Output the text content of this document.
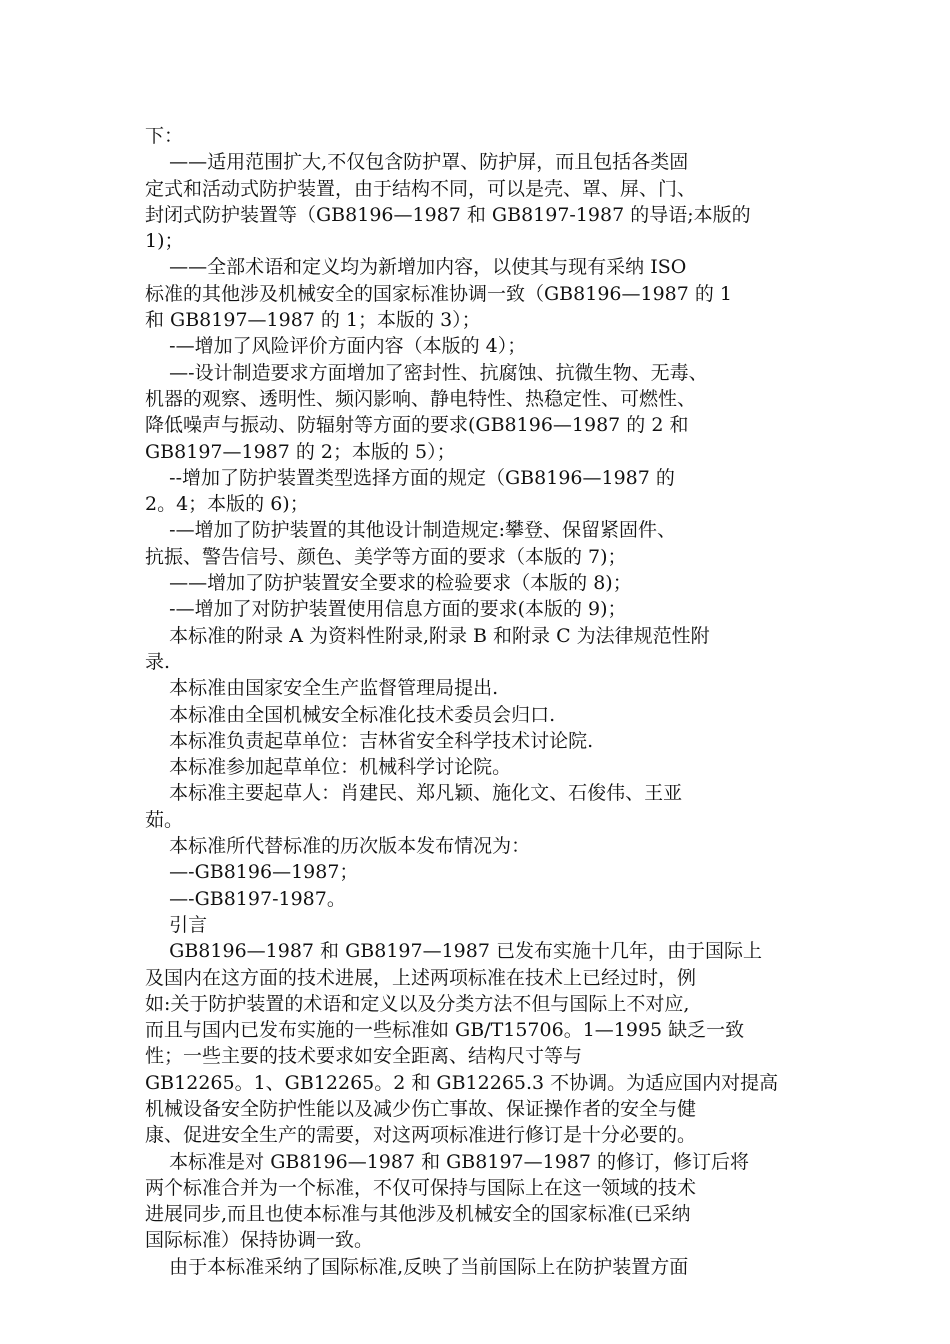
下：
——适用范围扩大,不仅包含防护罩、防护屏，而且包括各类固
定式和活动式防护装置，由于结构不同，可以是壳、罩、屏、门、
封闭式防护装置等（GB8196—1987 和 GB8197-1987 的导语;本版的
1)；
——全部术语和定义均为新增加内容，以使其与现有采纳 ISO
标准的其他涉及机械安全的国家标准协调一致（GB8196—1987 的 1
和 GB8197—1987 的 1；本版的 3）；
-—增加了风险评价方面内容（本版的 4）；
—-设计制造要求方面增加了密封性、抗腐蚀、抗微生物、无毒、
机器的观察、透明性、频闪影响、静电特性、热稳定性、可燃性、
降低噪声与振动、防辐射等方面的要求(GB8196—1987 的 2 和
GB8197—1987 的 2；本版的 5）；
--增加了防护装置类型选择方面的规定（GB8196—1987 的
2。4；本版的 6)；
-—增加了防护装置的其他设计制造规定:攀登、保留紧固件、
抗振、警告信号、颜色、美学等方面的要求（本版的 7)；
——增加了防护装置安全要求的检验要求（本版的 8)；
-—增加了对防护装置使用信息方面的要求(本版的 9)；
本标准的附录 A 为资料性附录,附录 B 和附录 C 为法律规范性附
录.
本标准由国家安全生产监督管理局提出.
本标准由全国机械安全标准化技术委员会归口.
本标准负责起草单位：吉林省安全科学技术讨论院.
本标准参加起草单位：机械科学讨论院。
本标准主要起草人：肖建民、郑凡颖、施化文、石俊伟、王亚
茹。
本标准所代替标准的历次版本发布情况为：
—-GB8196—1987；
—-GB8197-1987。
引言
GB8196—1987 和 GB8197—1987 已发布实施十几年，由于国际上
及国内在这方面的技术进展，上述两项标准在技术上已经过时，例
如:关于防护装置的术语和定义以及分类方法不但与国际上不对应,
而且与国内已发布实施的一些标准如 GB/T15706。1—1995 缺乏一致
性；一些主要的技术要求如安全距离、结构尺寸等与
GB12265。1、GB12265。2 和 GB12265.3 不协调。为适应国内对提高
机械设备安全防护性能以及减少伤亡事故、保证操作者的安全与健
康、促进安全生产的需要，对这两项标准进行修订是十分必要的。
本标准是对 GB8196—1987 和 GB8197—1987 的修订，修订后将
两个标准合并为一个标准，不仅可保持与国际上在这一领域的技术
进展同步,而且也使本标准与其他涉及机械安全的国家标准(已采纳
国际标准）保持协调一致。
由于本标准采纳了国际标准,反映了当前国际上在防护装置方面
